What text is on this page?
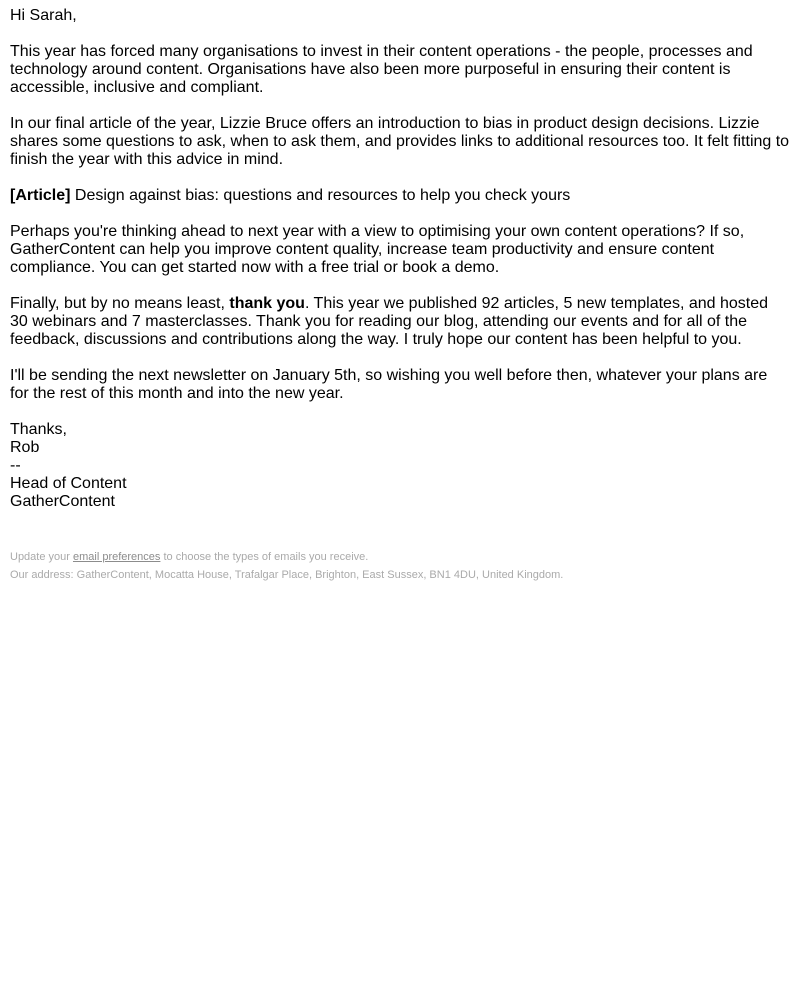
Hi Sarah,

This year has forced many organisations to invest in their content operations - the people, processes and technology around content. Organisations have also been more purposeful in ensuring their content is accessible, inclusive and compliant.

In our final article of the year, Lizzie Bruce offers an introduction to bias in product design decisions. Lizzie shares some questions to ask, when to ask them, and provides links to additional resources too. It felt fitting to finish the year with this advice in mind.

[Article] Design against bias: questions and resources to help you check yours

Perhaps you're thinking ahead to next year with a view to optimising your own content operations? If so, GatherContent can help you improve content quality, increase team productivity and ensure content compliance. You can get started now with a free trial or book a demo.

Finally, but by no means least, thank you. This year we published 92 articles, 5 new templates, and hosted 30 webinars and 7 masterclasses. Thank you for reading our blog, attending our events and for all of the feedback, discussions and contributions along the way. I truly hope our content has been helpful to you.

I'll be sending the next newsletter on January 5th, so wishing you well before then, whatever your plans are for the rest of this month and into the new year.

Thanks,
Rob
--
Head of Content
GatherContent

Update your email preferences to choose the types of emails you receive.

Our address: GatherContent, Mocatta House, Trafalgar Place, Brighton, East Sussex, BN1 4DU, United Kingdom.
